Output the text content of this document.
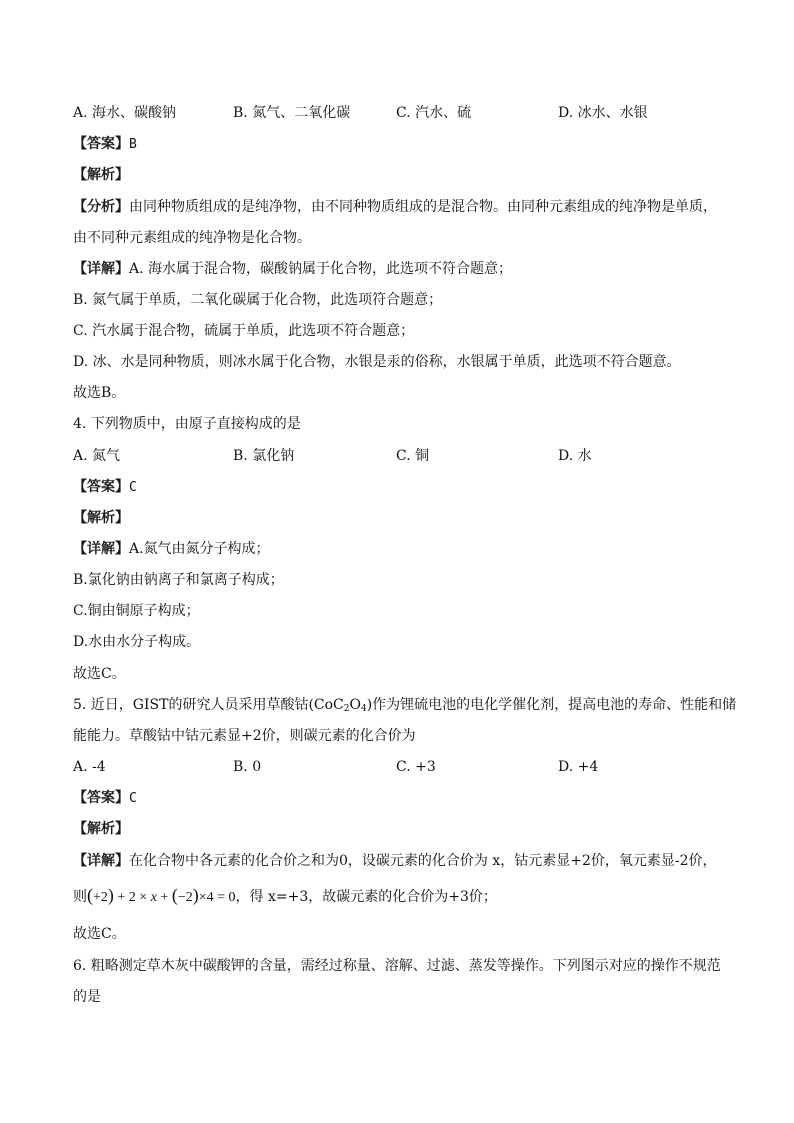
A. 海水、碳酸钠	B. 氮气、二氧化碳	C. 汽水、硫	D. 冰水、水银
【答案】B
【解析】
【分析】由同种物质组成的是纯净物，由不同种物质组成的是混合物。由同种元素组成的纯净物是单质，
由不同种元素组成的纯净物是化合物。
【详解】A. 海水属于混合物，碳酸钠属于化合物，此选项不符合题意；
B. 氮气属于单质，二氧化碳属于化合物，此选项符合题意；
C. 汽水属于混合物，硫属于单质，此选项不符合题意；
D. 冰、水是同种物质，则冰水属于化合物，水银是汞的俗称，水银属于单质，此选项不符合题意。
故选B。
4. 下列物质中，由原子直接构成的是
A. 氮气	B. 氯化钠	C. 铜	D. 水
【答案】C
【解析】
【详解】A.氮气由氮分子构成；
B.氯化钠由钠离子和氯离子构成；
C.铜由铜原子构成；
D.水由水分子构成。
故选C。
5. 近日，GIST的研究人员采用草酸钴$(CoC_2O_4)$作为锂硫电池的电化学催化剂，提高电池的寿命、性能和储
能能力。草酸钴中钴元素显+2价，则碳元素的化合价为
A. -4	B. 0	C. +3	D. +4
【答案】C
【解析】
【详解】在化合物中各元素的化合价之和为0，设碳元素的化合价为 x，钴元素显+2价，氧元素显-2价，
则(+2) + 2 × x + (−2)×4 = 0，得 x=+3，故碳元素的化合价为+3价；
故选C。
6. 粗略测定草木灰中碳酸钾的含量，需经过称量、溶解、过滤、蒸发等操作。下列图示对应的操作不规范
的是
